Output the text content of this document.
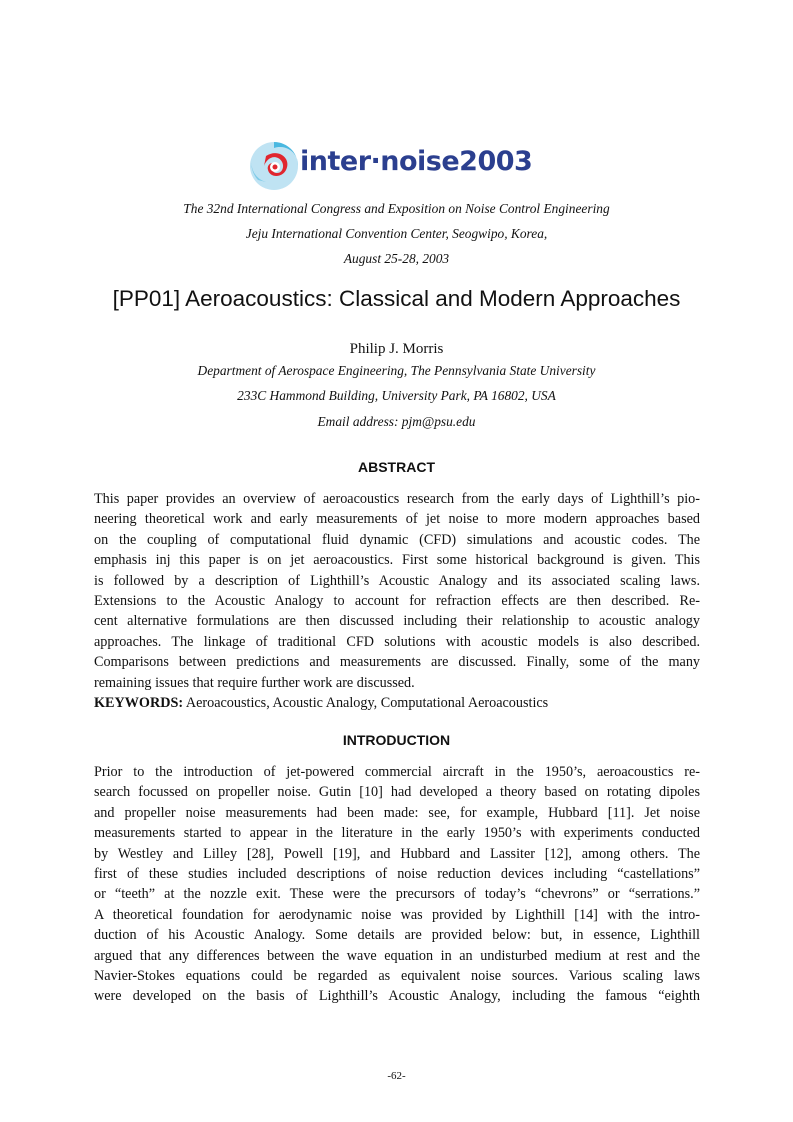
inter·noise2003
The 32nd International Congress and Exposition on Noise Control Engineering
Jeju International Convention Center, Seogwipo, Korea,
August 25-28, 2003
[PP01] Aeroacoustics: Classical and Modern Approaches
Philip J. Morris
Department of Aerospace Engineering, The Pennsylvania State University
233C Hammond Building, University Park, PA 16802, USA
Email address: pjm@psu.edu
ABSTRACT
This paper provides an overview of aeroacoustics research from the early days of Lighthill’s pio-
neering theoretical work and early measurements of jet noise to more modern approaches based
on the coupling of computational fluid dynamic (CFD) simulations and acoustic codes. The
emphasis inj this paper is on jet aeroacoustics. First some historical background is given. This
is followed by a description of Lighthill’s Acoustic Analogy and its associated scaling laws.
Extensions to the Acoustic Analogy to account for refraction effects are then described. Re-
cent alternative formulations are then discussed including their relationship to acoustic analogy
approaches. The linkage of traditional CFD solutions with acoustic models is also described.
Comparisons between predictions and measurements are discussed. Finally, some of the many
remaining issues that require further work are discussed.
KEYWORDS: Aeroacoustics, Acoustic Analogy, Computational Aeroacoustics
INTRODUCTION
Prior to the introduction of jet-powered commercial aircraft in the 1950’s, aeroacoustics re-
search focussed on propeller noise. Gutin [10] had developed a theory based on rotating dipoles
and propeller noise measurements had been made: see, for example, Hubbard [11]. Jet noise
measurements started to appear in the literature in the early 1950’s with experiments conducted
by Westley and Lilley [28], Powell [19], and Hubbard and Lassiter [12], among others. The
first of these studies included descriptions of noise reduction devices including “castellations”
or “teeth” at the nozzle exit. These were the precursors of today’s “chevrons” or “serrations.”
A theoretical foundation for aerodynamic noise was provided by Lighthill [14] with the intro-
duction of his Acoustic Analogy. Some details are provided below: but, in essence, Lighthill
argued that any differences between the wave equation in an undisturbed medium at rest and the
Navier-Stokes equations could be regarded as equivalent noise sources. Various scaling laws
were developed on the basis of Lighthill’s Acoustic Analogy, including the famous “eighth
-62-
